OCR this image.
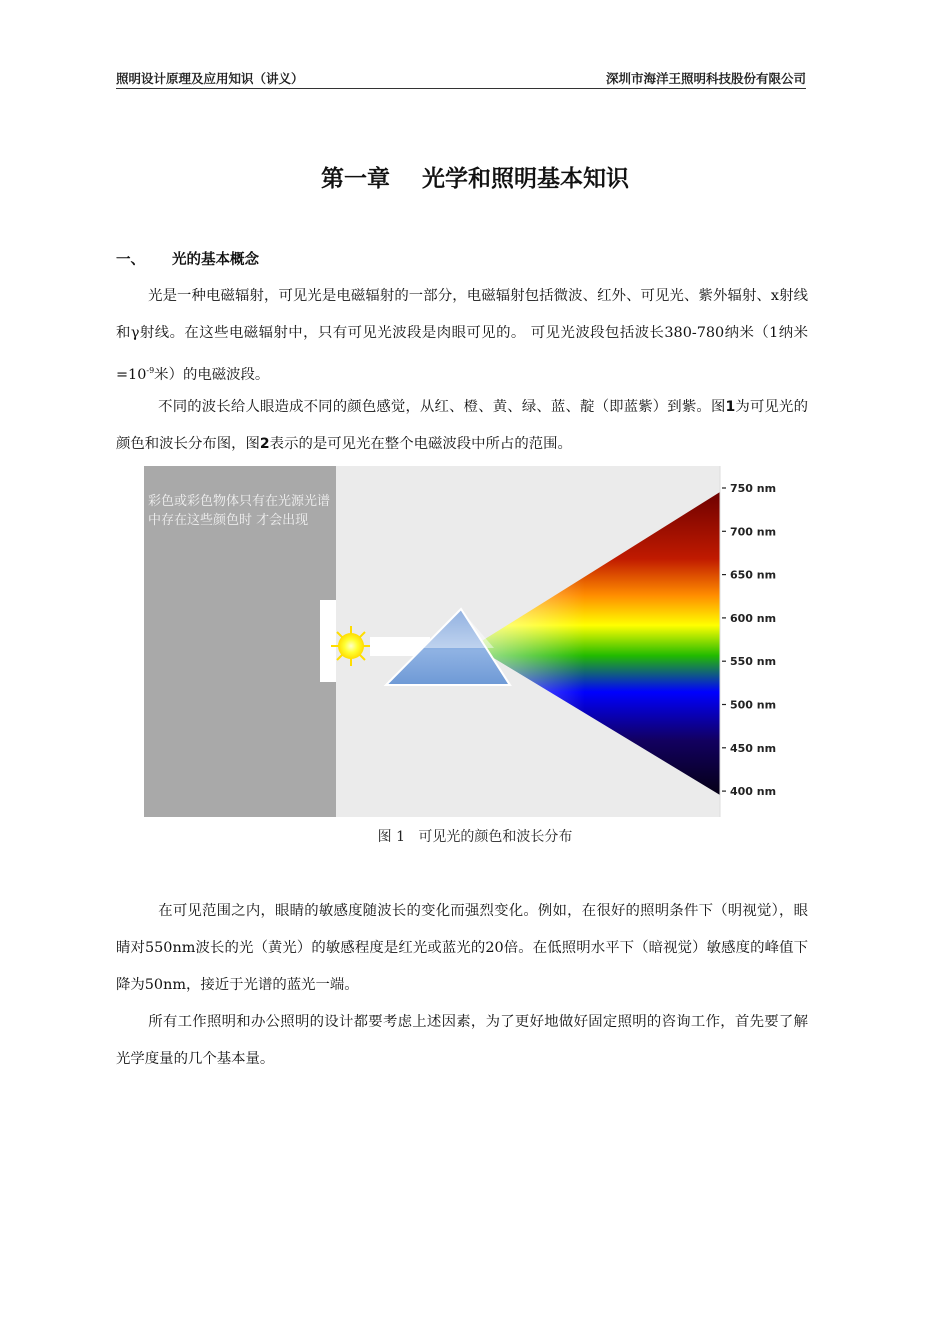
照明设计原理及应用知识（讲义）	深圳市海洋王照明科技股份有限公司
第一章    光学和照明基本知识
一、 光的基本概念
光是一种电磁辐射，可见光是电磁辐射的一部分，电磁辐射包括微波、红外、可见光、紫外辐射、x射线和γ射线。在这些电磁辐射中，只有可见光波段是肉眼可见的。 可见光波段包括波长380-780纳米（1纳米$=10^{-9}$米）的电磁波段。
不同的波长给人眼造成不同的颜色感觉，从红、橙、黄、绿、蓝、靛（即蓝紫）到紫。图1为可见光的颜色和波长分布图，图2表示的是可见光在整个电磁波段中所占的范围。
750 nm
700 nm
650 nm
600 nm
550 nm
500 nm
450 nm
400 nm
彩色或彩色物体只有在光源光谱中存在这些颜色时 才会出现
图 1   可见光的颜色和波长分布
在可见范围之内，眼睛的敏感度随波长的变化而强烈变化。例如，在很好的照明条件下（明视觉），眼睛对550nm波长的光（黄光）的敏感程度是红光或蓝光的20倍。在低照明水平下（暗视觉）敏感度的峰值下降为50nm，接近于光谱的蓝光一端。
所有工作照明和办公照明的设计都要考虑上述因素，为了更好地做好固定照明的咨询工作，首先要了解光学度量的几个基本量。
